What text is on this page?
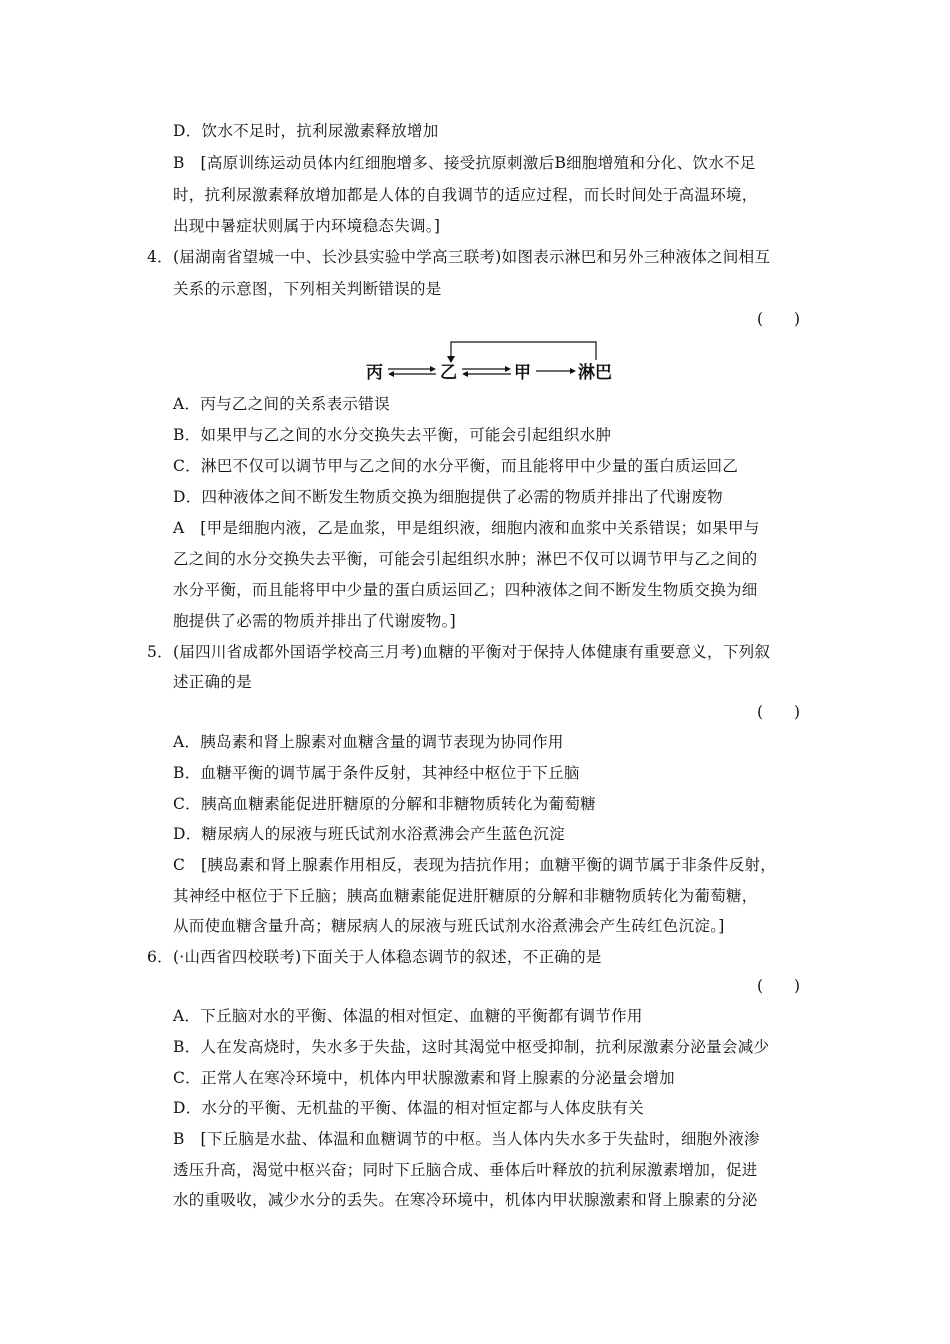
D．饮水不足时，抗利尿激素释放增加
B　[高原训练运动员体内红细胞增多、接受抗原刺激后B细胞增殖和分化、饮水不足
时，抗利尿激素释放增加都是人体的自我调节的适应过程，而长时间处于高温环境，
出现中暑症状则属于内环境稳态失调。]
4．(届湖南省望城一中、长沙县实验中学高三联考)如图表示淋巴和另外三种液体之间相互
关系的示意图，下列相关判断错误的是
(　　)
丙	乙	甲	淋巴
A．丙与乙之间的关系表示错误
B．如果甲与乙之间的水分交换失去平衡，可能会引起组织水肿
C．淋巴不仅可以调节甲与乙之间的水分平衡，而且能将甲中少量的蛋白质运回乙
D．四种液体之间不断发生物质交换为细胞提供了必需的物质并排出了代谢废物
A　[甲是细胞内液，乙是血浆，甲是组织液，细胞内液和血浆中关系错误；如果甲与
乙之间的水分交换失去平衡，可能会引起组织水肿；淋巴不仅可以调节甲与乙之间的
水分平衡，而且能将甲中少量的蛋白质运回乙；四种液体之间不断发生物质交换为细
胞提供了必需的物质并排出了代谢废物。]
5．(届四川省成都外国语学校高三月考)血糖的平衡对于保持人体健康有重要意义，下列叙
述正确的是
(　　)
A．胰岛素和肾上腺素对血糖含量的调节表现为协同作用
B．血糖平衡的调节属于条件反射，其神经中枢位于下丘脑
C．胰高血糖素能促进肝糖原的分解和非糖物质转化为葡萄糖
D．糖尿病人的尿液与班氏试剂水浴煮沸会产生蓝色沉淀
C　[胰岛素和肾上腺素作用相反，表现为拮抗作用；血糖平衡的调节属于非条件反射，
其神经中枢位于下丘脑；胰高血糖素能促进肝糖原的分解和非糖物质转化为葡萄糖，
从而使血糖含量升高；糖尿病人的尿液与班氏试剂水浴煮沸会产生砖红色沉淀。]
6．(·山西省四校联考)下面关于人体稳态调节的叙述，不正确的是
(　　)
A．下丘脑对水的平衡、体温的相对恒定、血糖的平衡都有调节作用
B．人在发高烧时，失水多于失盐，这时其渴觉中枢受抑制，抗利尿激素分泌量会减少
C．正常人在寒冷环境中，机体内甲状腺激素和肾上腺素的分泌量会增加
D．水分的平衡、无机盐的平衡、体温的相对恒定都与人体皮肤有关
B　[下丘脑是水盐、体温和血糖调节的中枢。当人体内失水多于失盐时，细胞外液渗
透压升高，渴觉中枢兴奋；同时下丘脑合成、垂体后叶释放的抗利尿激素增加，促进
水的重吸收，减少水分的丢失。在寒冷环境中，机体内甲状腺激素和肾上腺素的分泌
